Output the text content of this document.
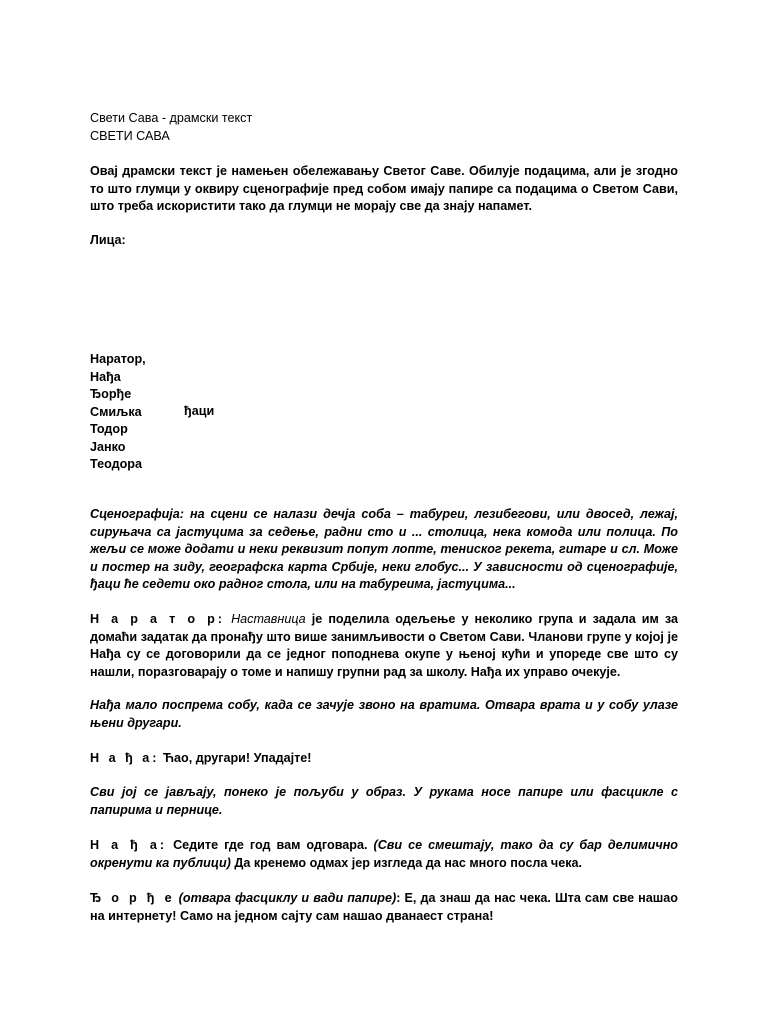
Свети Сава - драмски текст

СВЕТИ САВА

Овај драмски текст је намењен обележавању Светог Саве. Обилује подацима, али је згодно то што глумци у оквиру сценографије пред собом имају папире са подацима о Светом Сави, што треба искористити тако да глумци не морају све да знају напамет.

Лица:

Наратор,
Нађа
Ђорђе
Смиљка
Тодор
Јанко
Теодора
ђаци

Сценографија: на сцени се налази дечја соба – табуреи, лезибегови, или двосед, лежај, сируњача са јастуцима за седење, радни сто и ... столица, нека комода или полица. По жељи се може додати и неки реквизит попут лопте, тениског рекета, гитаре и сл. Може и постер на зиду, географска карта Србије, неки глобус... У зависности од сценографије, ђаци ће седети око радног стола, или на табуреима, јастуцима...

Н а р а т о р: Наставница је поделила одељење у неколико група и задала им за домаћи задатак да пронађу што више занимљивости о Светом Сави. Чланови групе у којој је Нађа су се договорили да се једног поподнева окупе у њеној кући и упореде све што су нашли, поразговарају о томе и напишу групни рад за школу. Нађа их управо очекује.

Нађа мало поспрема собу, када се зачује звоно на вратима. Отвара врата и у собу улазе њени другари.

Н а ђ а: Ћао, другари! Упадајте!

Сви јој се јављају, понеко је пољуби у образ. У рукама носе папире или фасцикле с папирима и пернице.

Н а ђ а: Седите где год вам одговара. (Сви се смештају, тако да су бар делимично окренути ка публици) Да кренемо одмах јер изгледа да нас много посла чека.

Ђ о р ђ е (отвара фасциклу и вади папире): Е, да знаш да нас чека. Шта сам све нашао на интернету! Само на једном сајту сам нашао дванаест страна!
